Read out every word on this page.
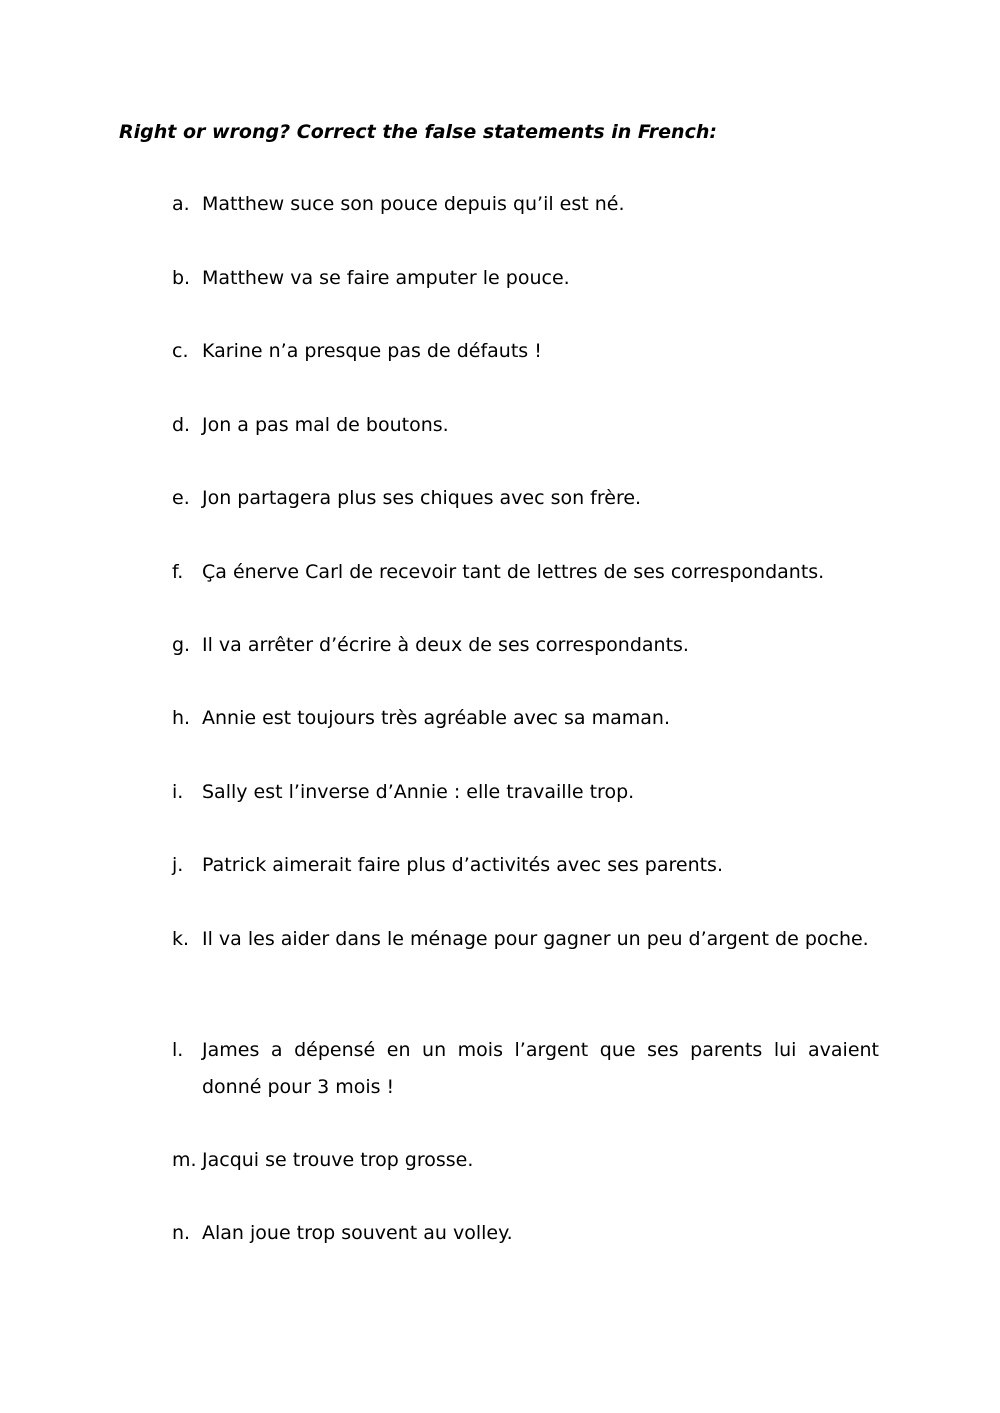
Right or wrong? Correct the false statements in French:
a. Matthew suce son pouce depuis qu’il est né.
b. Matthew va se faire amputer le pouce.
c. Karine n’a presque pas de défauts !
d. Jon a pas mal de boutons.
e. Jon partagera plus ses chiques avec son frère.
f. Ça énerve Carl de recevoir tant de lettres de ses correspondants.
g. Il va arrêter d’écrire à deux de ses correspondants.
h. Annie est toujours très agréable avec sa maman.
i. Sally est l’inverse d’Annie : elle travaille trop.
j. Patrick aimerait faire plus d’activités avec ses parents.
k. Il va les aider dans le ménage pour gagner un peu d’argent de poche.
l. James a dépensé en un mois l’argent que ses parents lui avaient donné pour 3 mois !
m. Jacqui se trouve trop grosse.
n. Alan joue trop souvent au volley.
